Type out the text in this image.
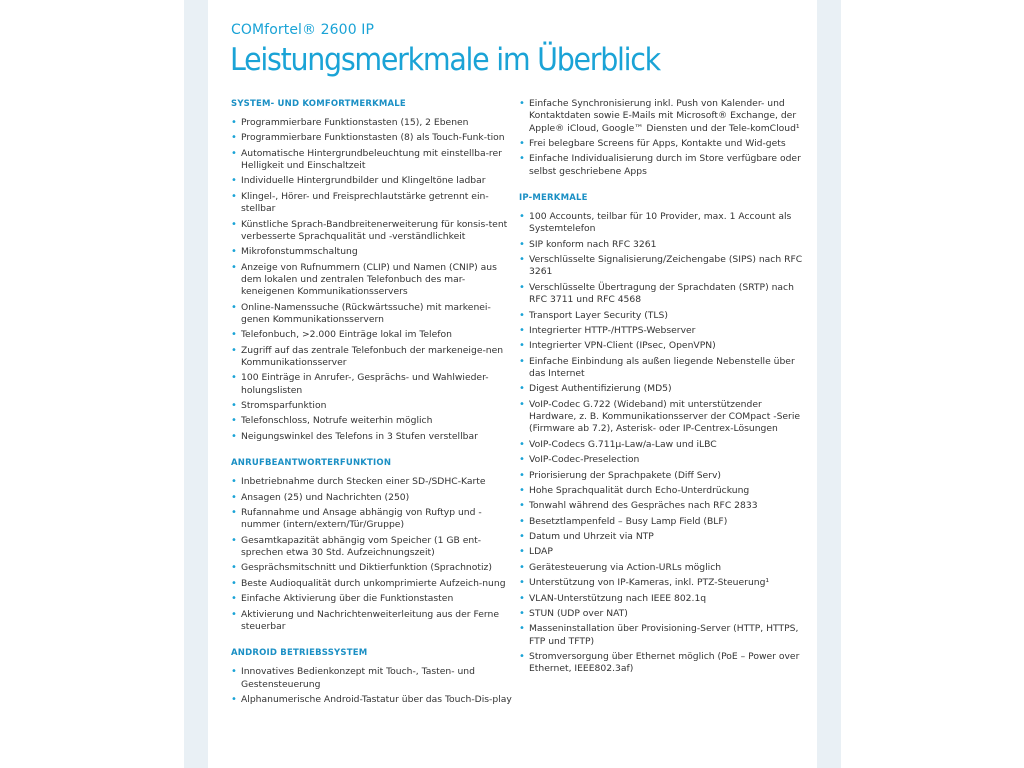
COMfortel® 2600 IP
Leistungsmerkmale im Überblick
SYSTEM- UND KOMFORTMERKMALE
• Programmierbare Funktionstasten (15), 2 Ebenen
• Programmierbare Funktionstasten (8) als Touch-Funk-tion
• Automatische Hintergrundbeleuchtung mit einstellba-rer Helligkeit und Einschaltzeit
• Individuelle Hintergrundbilder und Klingeltöne ladbar
• Klingel-, Hörer- und Freisprechlautstärke getrennt ein-stellbar
• Künstliche Sprach-Bandbreitenerweiterung für konsis-tent verbesserte Sprachqualität und -verständlichkeit
• Mikrofonstummschaltung
• Anzeige von Rufnummern (CLIP) und Namen (CNIP) aus dem lokalen und zentralen Telefonbuch des mar-keneigenen Kommunikationsservers
• Online-Namenssuche (Rückwärtssuche) mit markenei-genen Kommunikationsservern
• Telefonbuch, >2.000 Einträge lokal im Telefon
• Zugriff auf das zentrale Telefonbuch der markeneige-nen Kommunikationsserver
• 100 Einträge in Anrufer-, Gesprächs- und Wahlwieder-holungslisten
• Stromsparfunktion
• Telefonschloss, Notrufe weiterhin möglich
• Neigungswinkel des Telefons in 3 Stufen verstellbar
ANRUFBEANTWORTERFUNKTION
• Inbetriebnahme durch Stecken einer SD-/SDHC-Karte
• Ansagen (25) und Nachrichten (250)
• Rufannahme und Ansage abhängig von Ruftyp und -nummer (intern/extern/Tür/Gruppe)
• Gesamtkapazität abhängig vom Speicher (1 GB ent-sprechen etwa 30 Std. Aufzeichnungszeit)
• Gesprächsmitschnitt und Diktierfunktion (Sprachnotiz)
• Beste Audioqualität durch unkomprimierte Aufzeich-nung
• Einfache Aktivierung über die Funktionstasten
• Aktivierung und Nachrichtenweiterleitung aus der Ferne steuerbar
ANDROID BETRIEBSSYSTEM
• Innovatives Bedienkonzept mit Touch-, Tasten- und Gestensteuerung
• Alphanumerische Android-Tastatur über das Touch-Dis-play
• Einfache Synchronisierung inkl. Push von Kalender- und Kontaktdaten sowie E-Mails mit Microsoft® Exchange, der Apple® iCloud, Google™ Diensten und der Tele-komCloud¹
• Frei belegbare Screens für Apps, Kontakte und Wid-gets
• Einfache Individualisierung durch im Store verfügbare oder selbst geschriebene Apps
IP-MERKMALE
• 100 Accounts, teilbar für 10 Provider, max. 1 Account als Systemtelefon
• SIP konform nach RFC 3261
• Verschlüsselte Signalisierung/Zeichengabe (SIPS) nach RFC 3261
• Verschlüsselte Übertragung der Sprachdaten (SRTP) nach RFC 3711 und RFC 4568
• Transport Layer Security (TLS)
• Integrierter HTTP-/HTTPS-Webserver
• Integrierter VPN-Client (IPsec, OpenVPN)
• Einfache Einbindung als außen liegende Nebenstelle über das Internet
• Digest Authentifizierung (MD5)
• VoIP-Codec G.722 (Wideband) mit unterstützender Hardware, z. B. Kommunikationsserver der COMpact -Serie (Firmware ab 7.2), Asterisk- oder IP-Centrex-Lösungen
• VoIP-Codecs G.711µ-Law/a-Law und iLBC
• VoIP-Codec-Preselection
• Priorisierung der Sprachpakete (Diff Serv)
• Hohe Sprachqualität durch Echo-Unterdrückung
• Tonwahl während des Gespräches nach RFC 2833
• Besetztlampenfeld – Busy Lamp Field (BLF)
• Datum und Uhrzeit via NTP
• LDAP
• Gerätesteuerung via Action-URLs möglich
• Unterstützung von IP-Kameras, inkl. PTZ-Steuerung¹
• VLAN-Unterstützung nach IEEE 802.1q
• STUN (UDP over NAT)
• Masseninstallation über Provisioning-Server (HTTP, HTTPS, FTP und TFTP)
• Stromversorgung über Ethernet möglich (PoE – Power over Ethernet, IEEE802.3af)
